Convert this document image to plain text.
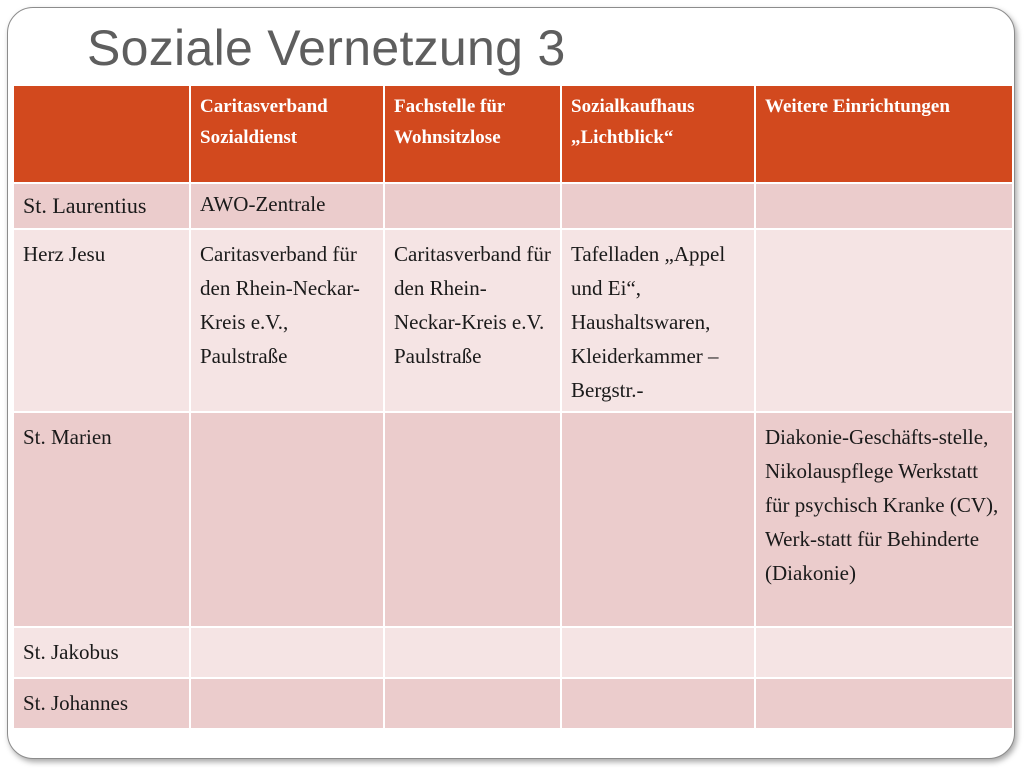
Soziale Vernetzung 3
	Caritasverband Sozialdienst	Fachstelle für Wohnsitzlose	Sozialkaufhaus „Lichtblick“	Weitere Einrichtungen
St. Laurentius	AWO-Zentrale			
Herz Jesu	Caritasverband für den Rhein-Neckar-Kreis e.V., Paulstraße	Caritasverband für den Rhein-Neckar-Kreis e.V. Paulstraße	Tafelladen „Appel und Ei“, Haushaltswaren, Kleiderkammer –Bergstr.-	
St. Marien				Diakonie-Geschäfts-stelle, Nikolauspflege Werkstatt für psychisch Kranke (CV), Werk-statt für Behinderte (Diakonie)
St. Jakobus				
St. Johannes				
